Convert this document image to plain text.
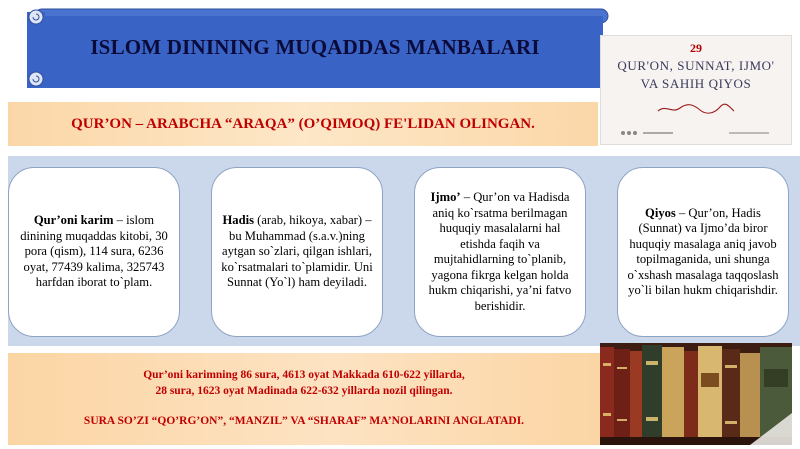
ISLOM DININING MUQADDAS MANBALARI
QUR’ON – ARABCHA “ARAQA” (O’QIMOQ) FE'LIDAN OLINGAN.
29
QUR'ON, SUNNAT, IJMO'
VA SAHIH QIYOS
Qur’oni karim – islom dinining muqaddas kitobi, 30 pora (qism), 114 sura, 6236 oyat, 77439 kalima, 325743 harfdan iborat to`plam.
Hadis (arab, hikoya, xabar) – bu Muhammad (s.a.v.)ning aytgan so`zlari, qilgan ishlari, ko`rsatmalari to`plamidir. Uni Sunnat (Yo`l) ham deyiladi.
Ijmo’ – Qur’on va Hadisda aniq ko`rsatma berilmagan huquqiy masalalarni hal etishda faqih va mujtahidlarning to`planib, yagona fikrga kelgan holda hukm chiqarishi, ya’ni fatvo berishidir.
Qiyos – Qur’on, Hadis (Sunnat) va Ijmo’da biror huquqiy masalaga aniq javob topilmaganida, uni shunga o`xshash masalaga taqqoslash yo`li bilan hukm chiqarishdir.
Qur’oni karimning 86 sura, 4613 oyat Makkada 610-622 yillarda,
28 sura, 1623 oyat Madinada 622-632 yillarda nozil qilingan.
SURA SO’ZI “QO’RG’ON”, “MANZIL” VA “SHARAF” MA’NOLARINI ANGLATADI.
